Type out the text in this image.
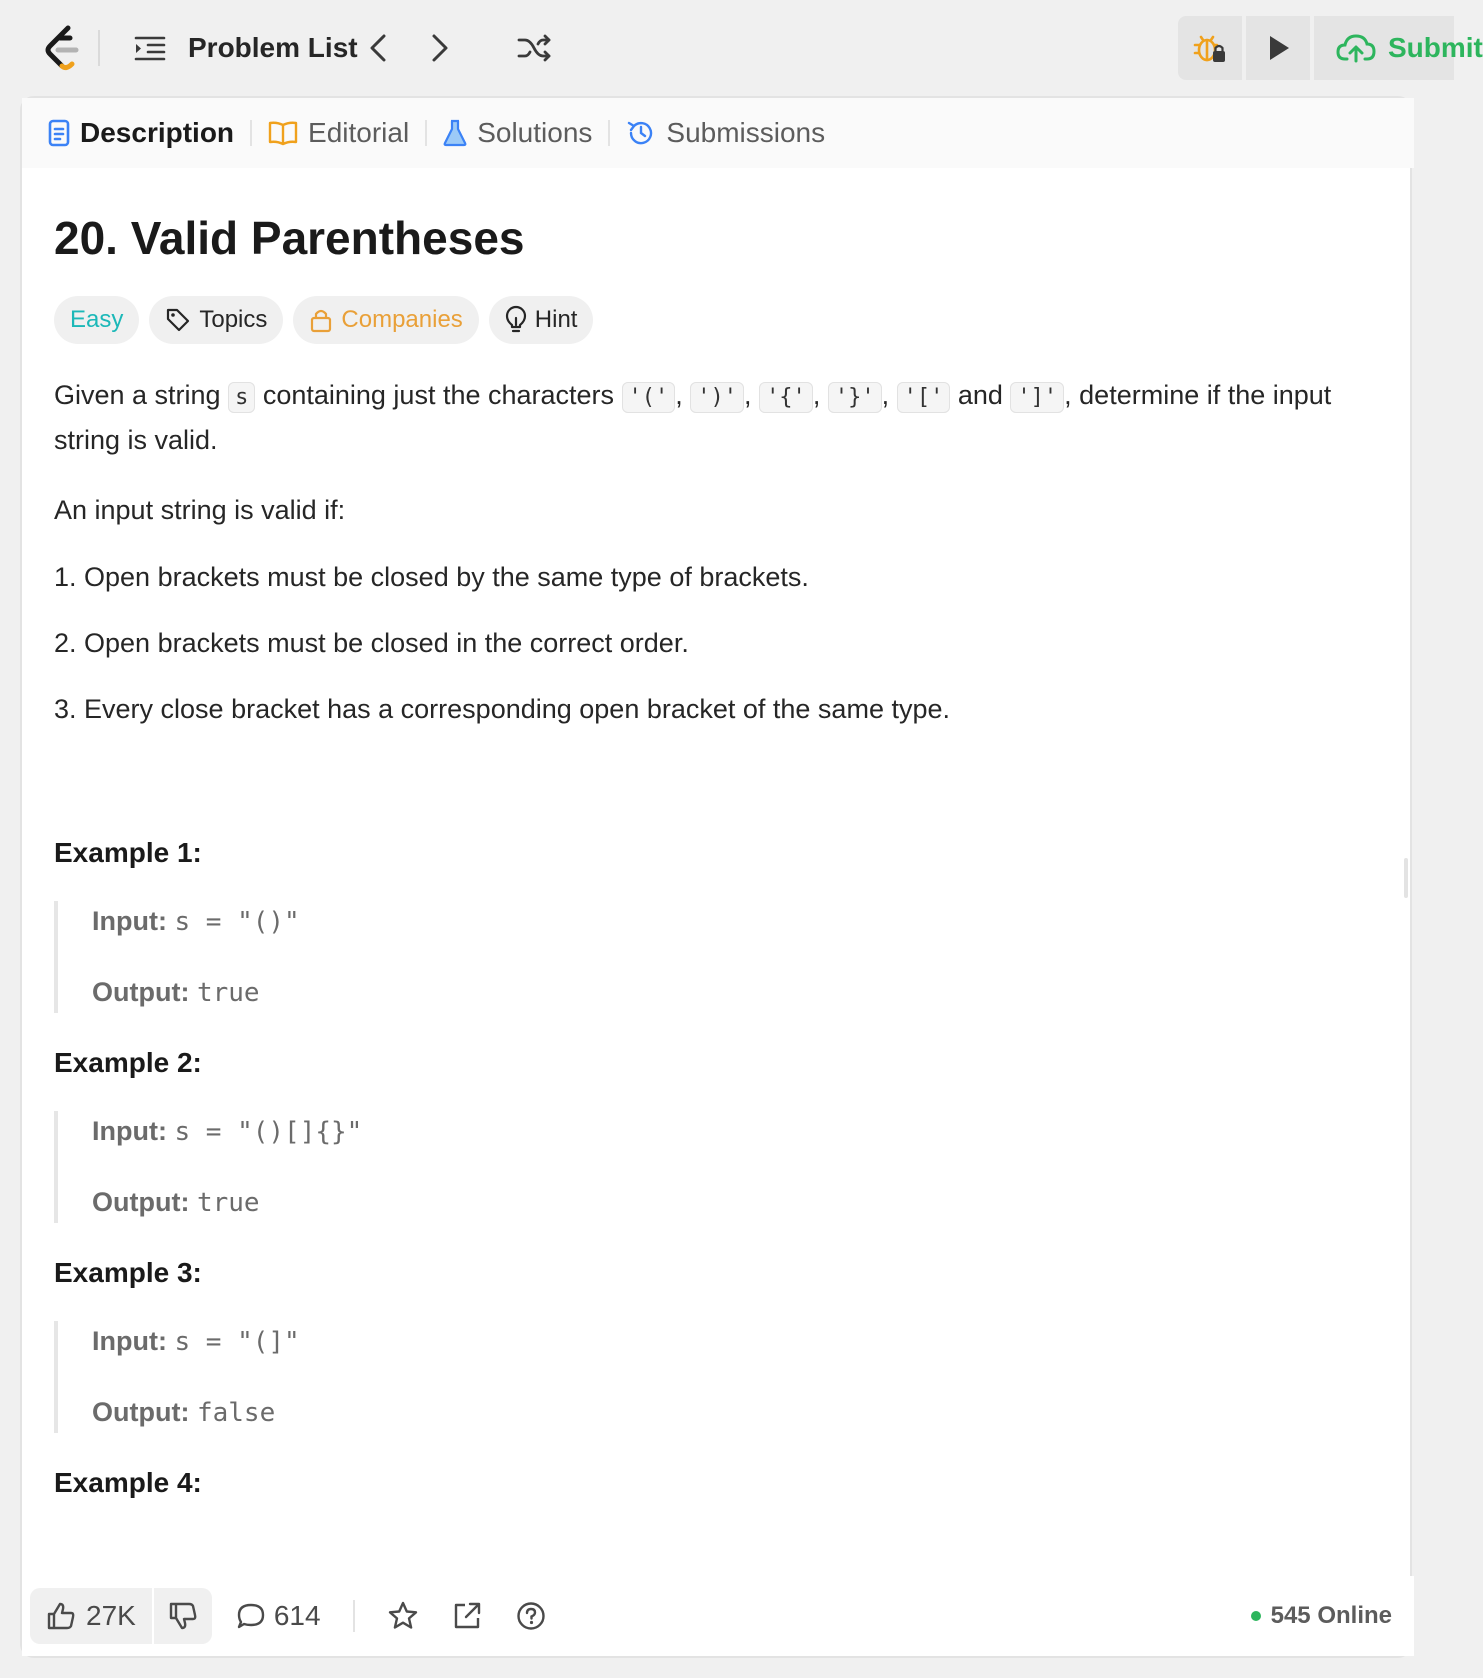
Problem List	Submit
Description	Editorial Solutions	Submissions
20. Valid Parentheses
Easy	Topics	Companies	Hint
Given a string s containing just the characters '(' , ')' , '{' , '}' , '[' and ']' , determine if the input string is valid.
An input string is valid if:
1. Open brackets must be closed by the same type of brackets.
2. Open brackets must be closed in the correct order.
3. Every close bracket has a corresponding open bracket of the same type.
Example 1:
Input: s = "()"
Output: true
Example 2:
Input: s = "()[]{}"
Output: true
Example 3:
Input: s = "(]"
Output: false
Example 4:
27K	614	545 Online
